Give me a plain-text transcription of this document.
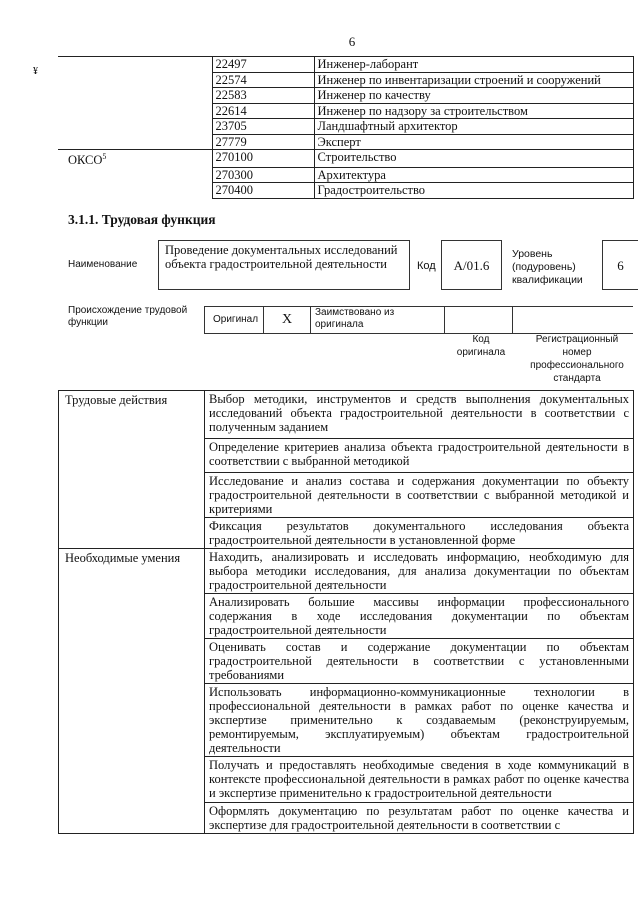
6
¥
	22497	Инженер-лаборант
	22574	Инженер по инвентаризации строений и сооружений
	22583	Инженер по качеству
	22614	Инженер по надзору за строительством
	23705	Ландшафтный архитектор
	27779	Эксперт
ОКСО$^5$	270100	Строительство
	270300	Архитектура
	270400	Градостроительство
3.1.1. Трудовая функция
Наименование
Проведение документальных исследований объекта градостроительной деятельности	Код	А/01.6
Уровень (подуровень) квалификации
6
Происхождение трудовой функции	Оригинал	X	Заимствовано из оригинала		
Код оригинала
Регистрационный номер профессионального стандарта
Трудовые действия	Выбор методики, инструментов и средств выполнения документальных исследований объекта градостроительной деятельности в соответствии с полученным заданием
	Определение критериев анализа объекта градостроительной деятельности в соответствии с выбранной методикой
	Исследование и анализ состава и содержания документации по объекту градостроительной деятельности в соответствии с выбранной методикой и критериями
	Фиксация результатов документального исследования объекта градостроительной деятельности в установленной форме
Необходимые умения	Находить, анализировать и исследовать информацию, необходимую для выбора методики исследования, для анализа документации по объектам градостроительной деятельности
	Анализировать большие массивы информации профессионального содержания в ходе исследования документации по объектам градостроительной деятельности
	Оценивать состав и содержание документации по объектам градостроительной деятельности в соответствии с установленными требованиями
	Использовать информационно-коммуникационные технологии в профессиональной деятельности в рамках работ по оценке качества и экспертизе применительно к создаваемым (реконструируемым, ремонтируемым, эксплуатируемым) объектам градостроительной деятельности
	Получать и предоставлять необходимые сведения в ходе коммуникаций в контексте профессиональной деятельности в рамках работ по оценке качества и экспертизе применительно к градостроительной деятельности
	Оформлять документацию по результатам работ по оценке качества и экспертизе для градостроительной деятельности в соответствии с
